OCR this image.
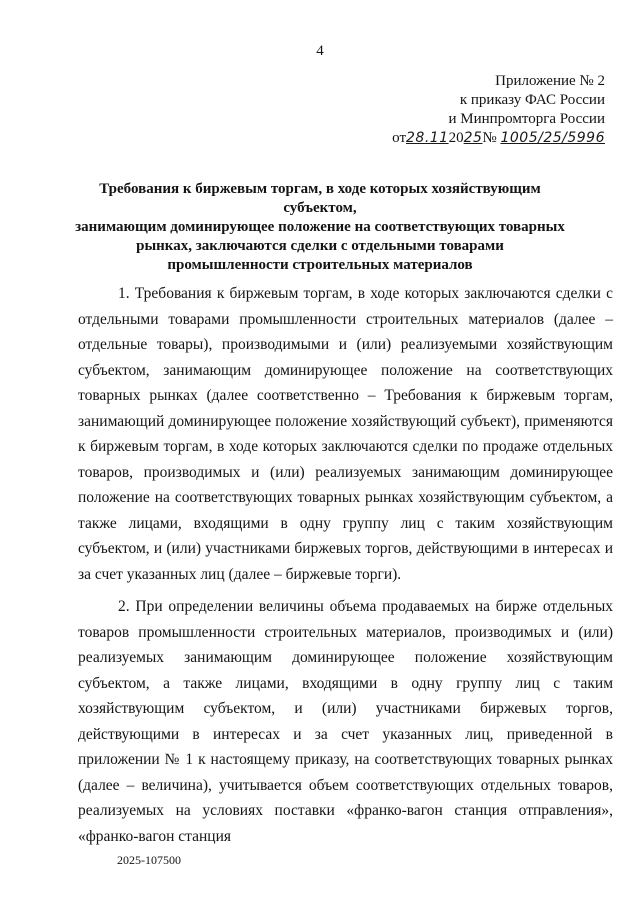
4
Приложение № 2
к приказу ФАС России
и Минпромторга России
от28.112025№ 1005/25/5996
Требования к биржевым торгам, в ходе которых хозяйствующим субъектом,
занимающим доминирующее положение на соответствующих товарных
рынках, заключаются сделки с отдельными товарами
промышленности строительных материалов

1. Требования к биржевым торгам, в ходе которых заключаются сделки с отдельными товарами промышленности строительных материалов (далее – отдельные товары), производимыми и (или) реализуемыми хозяйствующим субъектом, занимающим доминирующее положение на соответствующих товарных рынках (далее соответственно – Требования к биржевым торгам, занимающий доминирующее положение хозяйствующий субъект), применяются к биржевым торгам, в ходе которых заключаются сделки по продаже отдельных товаров, производимых и (или) реализуемых занимающим доминирующее положение на соответствующих товарных рынках хозяйствующим субъектом, а также лицами, входящими в одну группу лиц с таким хозяйствующим субъектом, и (или) участниками биржевых торгов, действующими в интересах и за счет указанных лиц (далее – биржевые торги).

2. При определении величины объема продаваемых на бирже отдельных товаров промышленности строительных материалов, производимых и (или) реализуемых занимающим доминирующее положение хозяйствующим субъектом, а также лицами, входящими в одну группу лиц с таким хозяйствующим субъектом, и (или) участниками биржевых торгов, действующими в интересах и за счет указанных лиц, приведенной в приложении № 1 к настоящему приказу, на соответствующих товарных рынках (далее – величина), учитывается объем соответствующих отдельных товаров, реализуемых на условиях поставки «франко-вагон станция отправления», «франко-вагон станция

2025-107500
